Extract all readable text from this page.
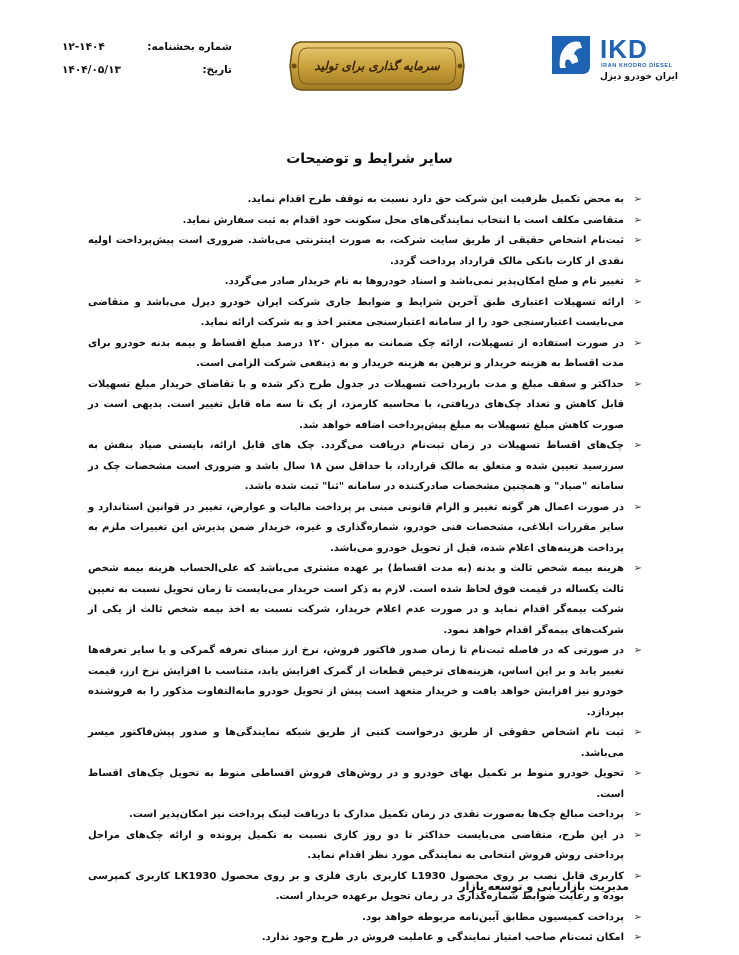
شماره بخشنامه:
۱۲-۱۴۰۴
تاریخ:
۱۴۰۴/۰۵/۱۳	سرمایه گذاری برای تولید
IKD
IRAN KHODRO DIESEL
ایران خودرو دیزل
سایر شرایط و توضیحات
➢
به محض تکمیل ظرفیت این شرکت حق دارد نسبت به توقف طرح اقدام نماید.
➢
متقاضی مکلف است با انتخاب نمایندگی‌های محل سکونت خود اقدام به ثبت سفارش نماید.
➢
ثبت‌نام اشخاص حقیقی از طریق سایت شرکت، به صورت اینترنتی می‌باشد. ضروری است پیش‌پرداخت اولیه نقدی از کارت بانکی مالک قرارداد پرداخت گردد.
➢
تغییر نام و صلح امکان‌پذیر نمی‌باشد و اسناد خودروها به نام خریدار صادر می‌گردد.
➢
ارائه تسهیلات اعتباری طبق آخرین شرایط و ضوابط جاری شرکت ایران خودرو دیزل می‌باشد و متقاضی می‌بایست اعتبارسنجی خود را از سامانه اعتبارسنجی معتبر اخذ و به شرکت ارائه نماید.
➢
در صورت استفاده از تسهیلات، ارائه چک ضمانت به میزان ۱۲۰ درصد مبلغ اقساط و بیمه بدنه خودرو برای مدت اقساط به هزینه خریدار و ترهین به هزینه خریدار و به ذینفعی شرکت الزامی است.
➢
حداکثر و سقف مبلغ و مدت بازپرداخت تسهیلات در جدول طرح ذکر شده و با تقاضای خریدار مبلغ تسهیلات قابل کاهش و تعداد چک‌های دریافتی، با محاسبه کارمزد، از یک تا سه ماه قابل تغییر است. بدیهی است در صورت کاهش مبلغ تسهیلات به مبلغ پیش‌پرداخت اضافه خواهد شد.
➢
چک‌های اقساط تسهیلات در زمان ثبت‌نام دریافت می‌گردد. چک های قابل ارائه، بایستی صیاد بنفش به سررسید تعیین شده و متعلق به مالک قرارداد، با حداقل سن ۱۸ سال باشد و ضروری است مشخصات چک در سامانه "صیاد" و همچنین مشخصات صادرکننده در سامانه "ثنا" ثبت شده باشد.
➢
در صورت اعمال هر گونه تغییر و الزام قانونی مبنی بر پرداخت مالیات و عوارض، تغییر در قوانین استاندارد و سایر مقررات ابلاغی، مشخصات فنی خودرو، شماره‌گذاری و غیره، خریدار ضمن پذیرش این تغییرات ملزم به پرداخت هزینه‌های اعلام شده، قبل از تحویل خودرو می‌باشد.
➢
هزینه بیمه شخص ثالث و بدنه (به مدت اقساط) بر عهده مشتری می‌باشد که علی‌الحساب هزینه بیمه شخص ثالث یکساله در قیمت فوق لحاظ شده است. لازم به ذکر است خریدار می‌بایست تا زمان تحویل نسبت به تعیین شرکت بیمه‌گر اقدام نماید و در صورت عدم اعلام خریدار، شرکت نسبت به اخذ بیمه شخص ثالث از یکی از شرکت‌های بیمه‌گر اقدام خواهد نمود.
➢
در صورتی که در فاصله ثبت‌نام تا زمان صدور فاکتور فروش، نرخ ارز مبنای تعرفه گمرکی و یا سایر تعرفه‌ها تغییر یابد و بر این اساس، هزینه‌های ترخیص قطعات از گمرک افزایش یابد، متناسب با افزایش نرخ ارز، قیمت خودرو نیز افزایش خواهد یافت و خریدار متعهد است پیش از تحویل خودرو مابه‌التفاوت مذکور را به فروشنده بپردازد.
➢
ثبت نام اشخاص حقوقی از طریق درخواست کتبی از طریق شبکه نمایندگی‌ها و صدور پیش‌فاکتور میسر می‌باشد.
➢
تحویل خودرو منوط بر تکمیل بهای خودرو و در روش‌های فروش اقساطی منوط به تحویل چک‌های اقساط است.
➢
پرداخت مبالغ چک‌ها به‌صورت نقدی در زمان تکمیل مدارک با دریافت لینک پرداخت نیز امکان‌پذیر است.
➢
در این طرح، متقاضی می‌بایست حداکثر تا دو روز کاری نسبت به تکمیل پرونده و ارائه چک‌های مراحل پرداختی روش فروش انتخابی به نمایندگی مورد نظر اقدام نماید.
➢
کاربری قابل نصب بر روی محصول L1930 کاربری باری فلزی و بر روی محصول LK1930 کاربری کمپرسی بوده و رعایت ضوابط شماره‌گذاری در زمان تحویل برعهده خریدار است.
➢
پرداخت کمیسیون مطابق آیین‌نامه مربوطه خواهد بود.
➢
امکان ثبت‌نام صاحب امتیاز نمایندگی و عاملیت فروش در طرح وجود ندارد.
مدیریت بازاریابی و توسعه بازار
